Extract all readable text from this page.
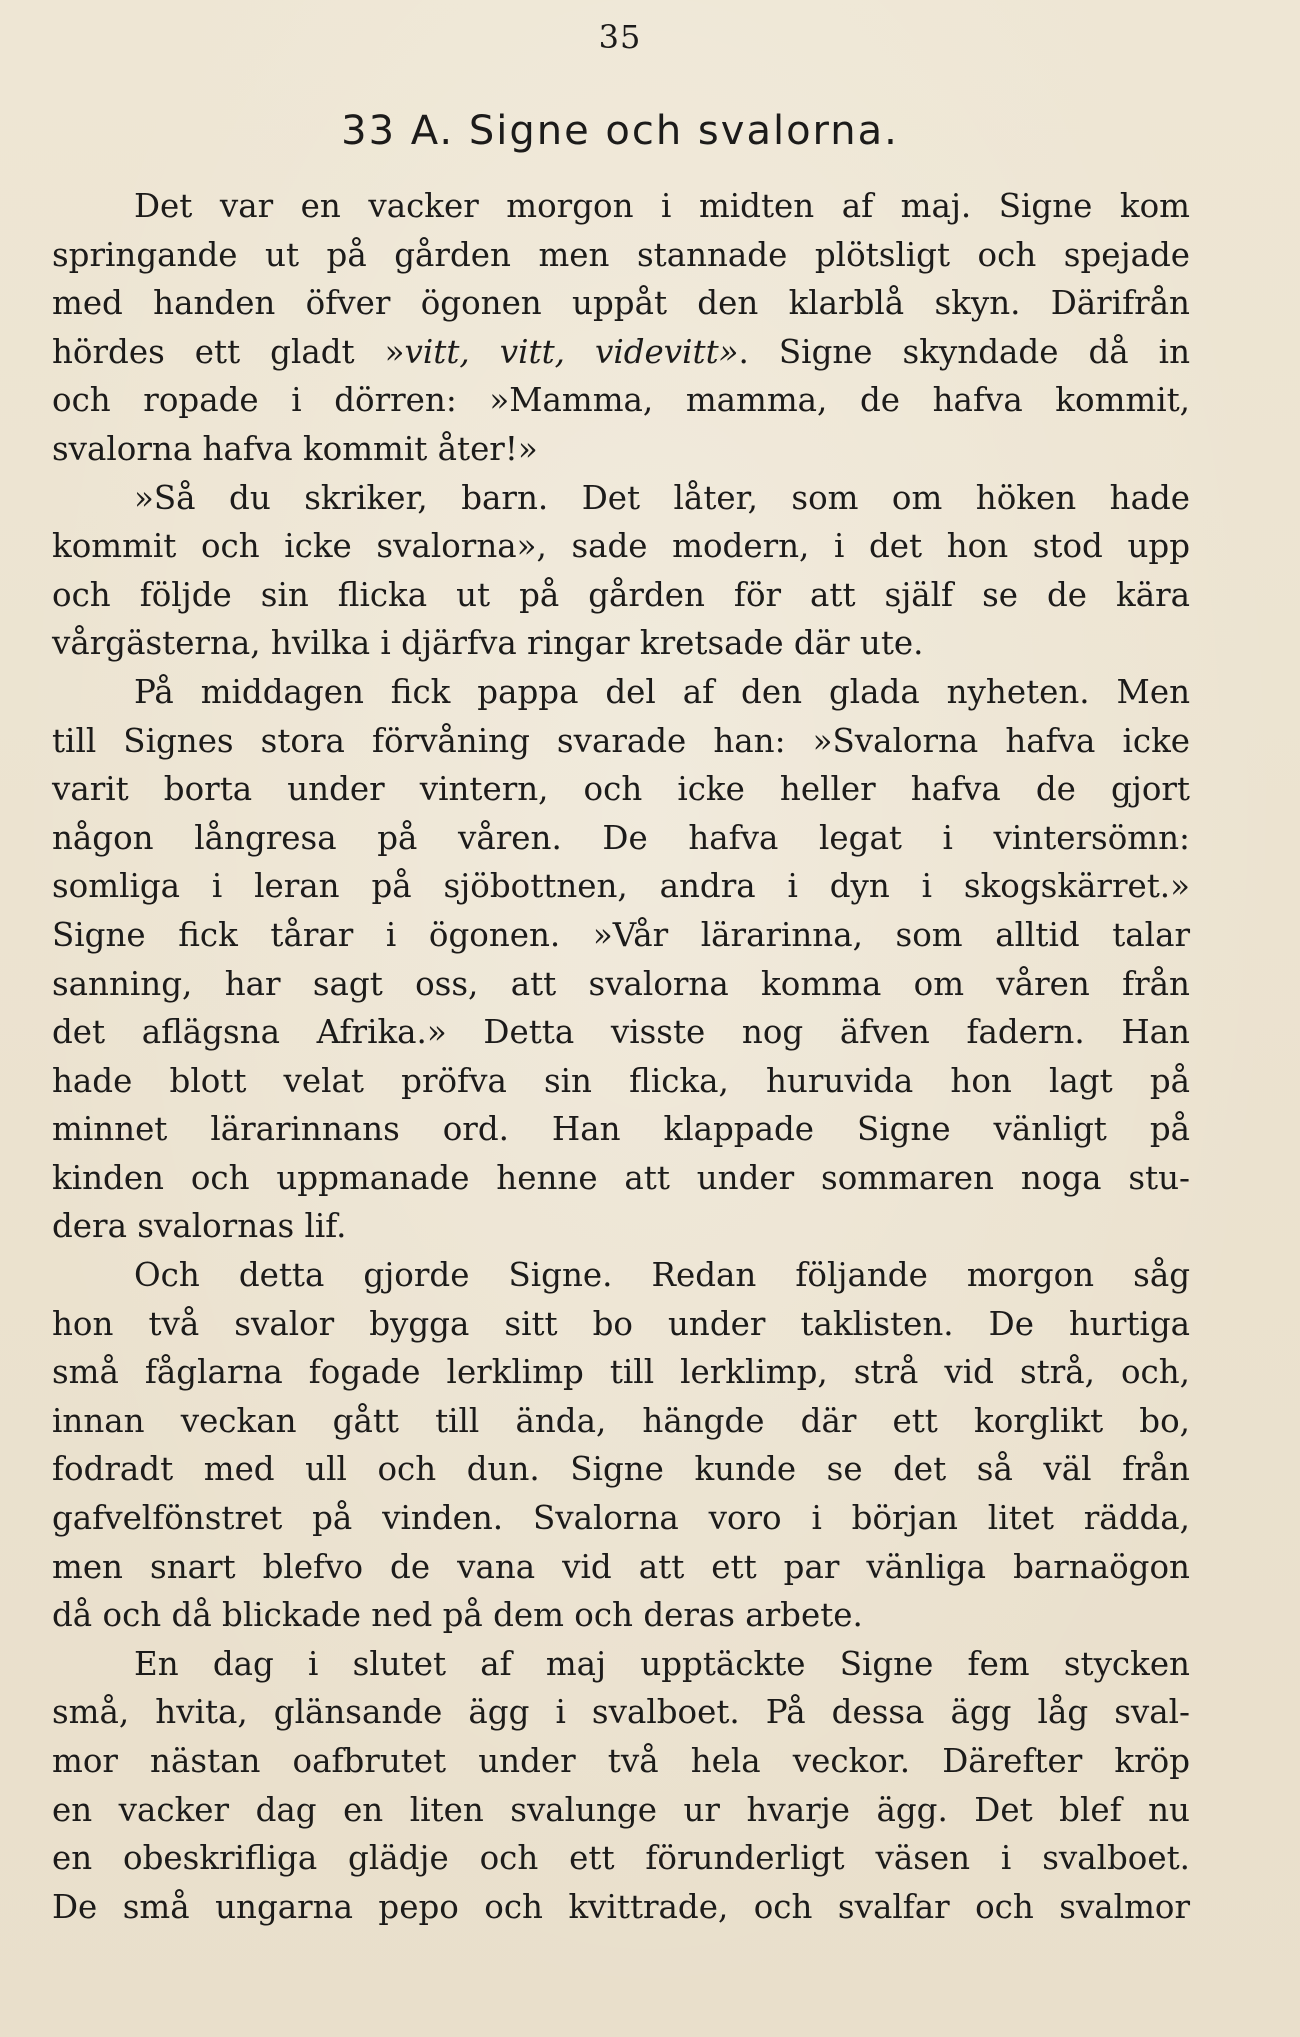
35
33 A. Signe och svalorna.
Det var en vacker morgon i midten af maj. Signe kom
springande ut på gården men stannade plötsligt och spejade
med handen öfver ögonen uppåt den klarblå skyn. Därifrån
hördes ett gladt »vitt, vitt, videvitt». Signe skyndade då in
och ropade i dörren: »Mamma, mamma, de hafva kommit,
svalorna hafva kommit åter!»
»Så du skriker, barn. Det låter, som om höken hade
kommit och icke svalorna», sade modern, i det hon stod upp
och följde sin flicka ut på gården för att själf se de kära
vårgästerna, hvilka i djärfva ringar kretsade där ute.
På middagen fick pappa del af den glada nyheten. Men
till Signes stora förvåning svarade han: »Svalorna hafva icke
varit borta under vintern, och icke heller hafva de gjort
någon långresa på våren. De hafva legat i vintersömn:
somliga i leran på sjöbottnen, andra i dyn i skogskärret.»
Signe fick tårar i ögonen. »Vår lärarinna, som alltid talar
sanning, har sagt oss, att svalorna komma om våren från
det aflägsna Afrika.» Detta visste nog äfven fadern. Han
hade blott velat pröfva sin flicka, huruvida hon lagt på
minnet lärarinnans ord. Han klappade Signe vänligt på
kinden och uppmanade henne att under sommaren noga stu-
dera svalornas lif.
Och detta gjorde Signe. Redan följande morgon såg
hon två svalor bygga sitt bo under taklisten. De hurtiga
små fåglarna fogade lerklimp till lerklimp, strå vid strå, och,
innan veckan gått till ända, hängde där ett korglikt bo,
fodradt med ull och dun. Signe kunde se det så väl från
gafvelfönstret på vinden. Svalorna voro i början litet rädda,
men snart blefvo de vana vid att ett par vänliga barnaögon
då och då blickade ned på dem och deras arbete.
En dag i slutet af maj upptäckte Signe fem stycken
små, hvita, glänsande ägg i svalboet. På dessa ägg låg sval-
mor nästan oafbrutet under två hela veckor. Därefter kröp
en vacker dag en liten svalunge ur hvarje ägg. Det blef nu
en obeskrifliga glädje och ett förunderligt väsen i svalboet.
De små ungarna pepo och kvittrade, och svalfar och svalmor
